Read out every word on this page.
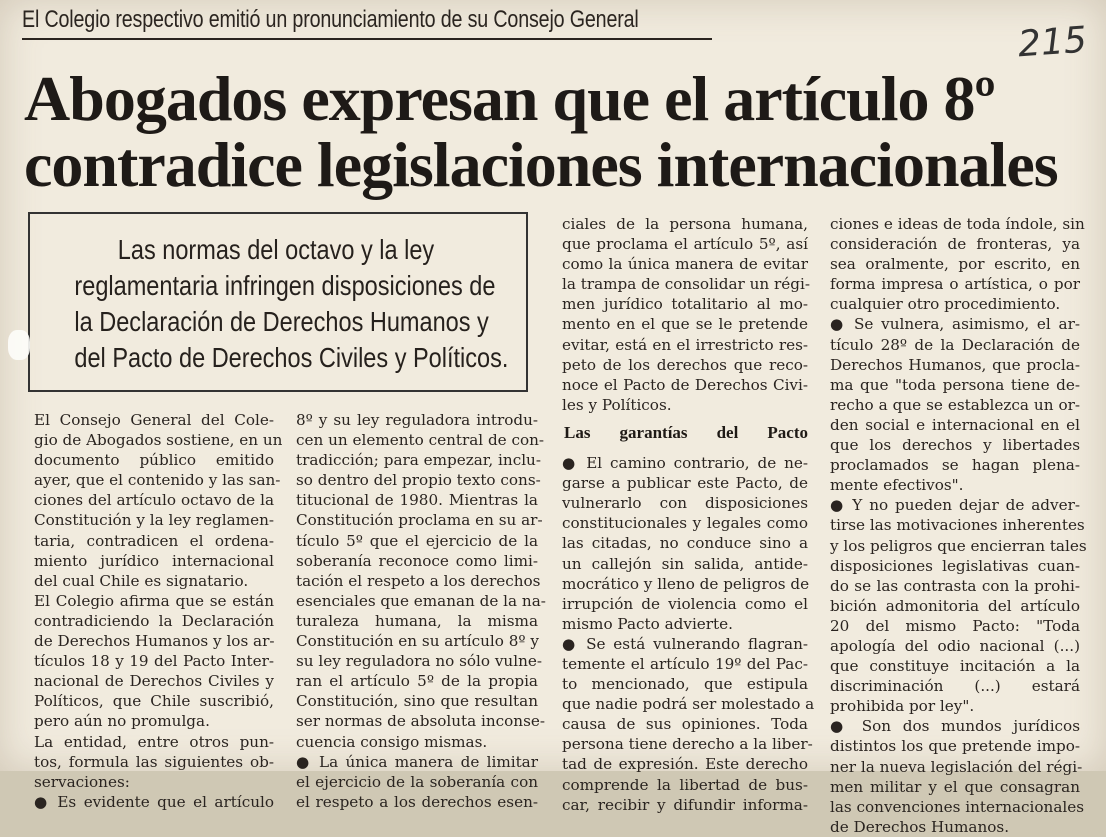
El Colegio respectivo emitió un pronunciamiento de su Consejo General
215
Abogados expresan que el artículo 8º
contradice legislaciones internacionales
Las normas del octavo y la ley
reglamentaria infringen disposiciones de
la Declaración de Derechos Humanos y
del Pacto de Derechos Civiles y Políticos.
El Consejo General del Cole-
gio de Abogados sostiene, en un
documento público emitido
ayer, que el contenido y las san-
ciones del artículo octavo de la
Constitución y la ley reglamen-
taria, contradicen el ordena-
miento jurídico internacional
del cual Chile es signatario.
El Colegio afirma que se están
contradiciendo la Declaración
de Derechos Humanos y los ar-
tículos 18 y 19 del Pacto Inter-
nacional de Derechos Civiles y
Políticos, que Chile suscribió,
pero aún no promulga.
La entidad, entre otros pun-
tos, formula las siguientes ob-
servaciones:
● Es evidente que el artículo
8º y su ley reguladora introdu-
cen un elemento central de con-
tradicción; para empezar, inclu-
so dentro del propio texto cons-
titucional de 1980. Mientras la
Constitución proclama en su ar-
tículo 5º que el ejercicio de la
soberanía reconoce como limi-
tación el respeto a los derechos
esenciales que emanan de la na-
turaleza humana, la misma
Constitución en su artículo 8º y
su ley reguladora no sólo vulne-
ran el artículo 5º de la propia
Constitución, sino que resultan
ser normas de absoluta inconse-
cuencia consigo mismas.
● La única manera de limitar
el ejercicio de la soberanía con
el respeto a los derechos esen-
ciales de la persona humana,
que proclama el artículo 5º, así
como la única manera de evitar
la trampa de consolidar un régi-
men jurídico totalitario al mo-
mento en el que se le pretende
evitar, está en el irrestricto res-
peto de los derechos que reco-
noce el Pacto de Derechos Civi-
les y Políticos.
Las garantías del Pacto
● El camino contrario, de ne-
garse a publicar este Pacto, de
vulnerarlo con disposiciones
constitucionales y legales como
las citadas, no conduce sino a
un callejón sin salida, antide-
mocrático y lleno de peligros de
irrupción de violencia como el
mismo Pacto advierte.
● Se está vulnerando flagran-
temente el artículo 19º del Pac-
to mencionado, que estipula
que nadie podrá ser molestado a
causa de sus opiniones. Toda
persona tiene derecho a la liber-
tad de expresión. Este derecho
comprende la libertad de bus-
car, recibir y difundir informa-
ciones e ideas de toda índole, sin
consideración de fronteras, ya
sea oralmente, por escrito, en
forma impresa o artística, o por
cualquier otro procedimiento.
● Se vulnera, asimismo, el ar-
tículo 28º de la Declaración de
Derechos Humanos, que procla-
ma que "toda persona tiene de-
recho a que se establezca un or-
den social e internacional en el
que los derechos y libertades
proclamados se hagan plena-
mente efectivos".
● Y no pueden dejar de adver-
tirse las motivaciones inherentes
y los peligros que encierran tales
disposiciones legislativas cuan-
do se las contrasta con la prohi-
bición admonitoria del artículo
20 del mismo Pacto: "Toda
apología del odio nacional (...)
que constituye incitación a la
discriminación (...) estará
prohibida por ley".
● Son dos mundos jurídicos
distintos los que pretende impo-
ner la nueva legislación del régi-
men militar y el que consagran
las convenciones internacionales
de Derechos Humanos.
